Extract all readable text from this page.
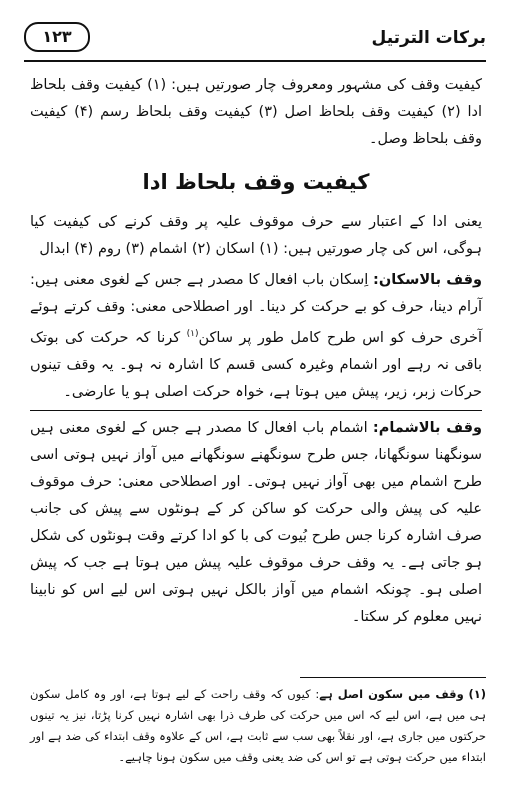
برکات الترتیل
١٢٣

کیفیت وقف کی مشہور ومعروف چار صورتیں ہیں: (۱) کیفیت وقف بلحاظ ادا (۲) کیفیت وقف بلحاظ اصل (۳) کیفیت وقف بلحاظ رسم (۴) کیفیت وقف بلحاظ وصل۔

کیفیت وقف بلحاظ ادا

یعنی ادا کے اعتبار سے حرف موقوف علیہ پر وقف کرنے کی کیفیت کیا ہوگی، اس کی چار صورتیں ہیں: (۱) اسکان (۲) اشمام (۳) روم (۴) ابدال

وقف بالاسکان: اِسکان باب افعال کا مصدر ہے جس کے لغوی معنی ہیں: آرام دینا، حرف کو بے حرکت کر دینا۔ اور اصطلاحی معنی: وقف کرتے ہوئے آخری حرف کو اس طرح کامل طور پر ساکن$^{(۱)}$ کرنا کہ حرکت کی بوتک باقی نہ رہے اور اشمام وغیرہ کسی قسم کا اشارہ نہ ہو۔ یہ وقف تینوں حرکات زبر، زیر، پیش میں ہوتا ہے، خواہ حرکت اصلی ہو یا عارضی۔

وقف بالاشمام: اشمام باب افعال کا مصدر ہے جس کے لغوی معنی ہیں سونگھنا سونگھانا، جس طرح سونگھنے سونگھانے میں آواز نہیں ہوتی اسی طرح اشمام میں بھی آواز نہیں ہوتی۔ اور اصطلاحی معنی: حرف موقوف علیہ کی پیش والی حرکت کو ساکن کر کے ہونٹوں سے پیش کی جانب صرف اشارہ کرنا جس طرح بُیوت کی با کو ادا کرتے وقت ہونٹوں کی شکل ہو جاتی ہے۔ یہ وقف حرف موقوف علیہ پیش میں ہوتا ہے جب کہ پیش اصلی ہو۔ چونکہ اشمام میں آواز بالکل نہیں ہوتی اس لیے اس کو نابینا نہیں معلوم کر سکتا۔

(۱) وقف میں سکون اصل ہے: کیوں کہ وقف راحت کے لیے ہوتا ہے، اور وہ کامل سکون ہی میں ہے، اس لیے کہ اس میں حرکت کی طرف ذرا بھی اشارہ نہیں کرنا پڑتا، نیز یہ تینوں حرکتوں میں جاری ہے، اور نقلاً بھی سب سے ثابت ہے، اس کے علاوہ وقف ابتداء کی ضد ہے اور ابتداء میں حرکت ہوتی ہے تو اس کی ضد یعنی وقف میں سکون ہونا چاہیے۔
